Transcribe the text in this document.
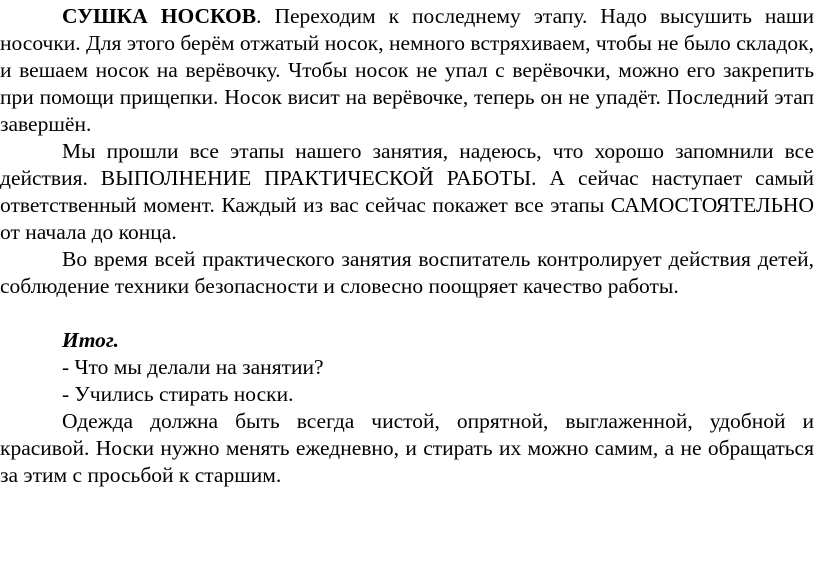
СУШКА НОСКОВ. Переходим к последнему этапу. Надо высушить наши носочки. Для этого берём отжатый носок, немного встряхиваем, чтобы не было складок, и вешаем носок на верёвочку. Чтобы носок не упал с верёвочки, можно его закрепить при помощи прищепки. Носок висит на верёвочке, теперь он не упадёт. Последний этап завершён.

Мы прошли все этапы нашего занятия, надеюсь, что хорошо запомнили все действия. ВЫПОЛНЕНИЕ ПРАКТИЧЕСКОЙ РАБОТЫ. А сейчас наступает самый ответственный момент. Каждый из вас сейчас покажет все этапы САМОСТОЯТЕЛЬНО от начала до конца.

Во время всей практического занятия воспитатель контролирует действия детей, соблюдение техники безопасности и словесно поощряет качество работы.

Итог.

- Что мы делали на занятии?

- Учились стирать носки.

Одежда должна быть всегда чистой, опрятной, выглаженной, удобной и красивой. Носки нужно менять ежедневно, и стирать их можно самим, а не обращаться за этим с просьбой к старшим.
